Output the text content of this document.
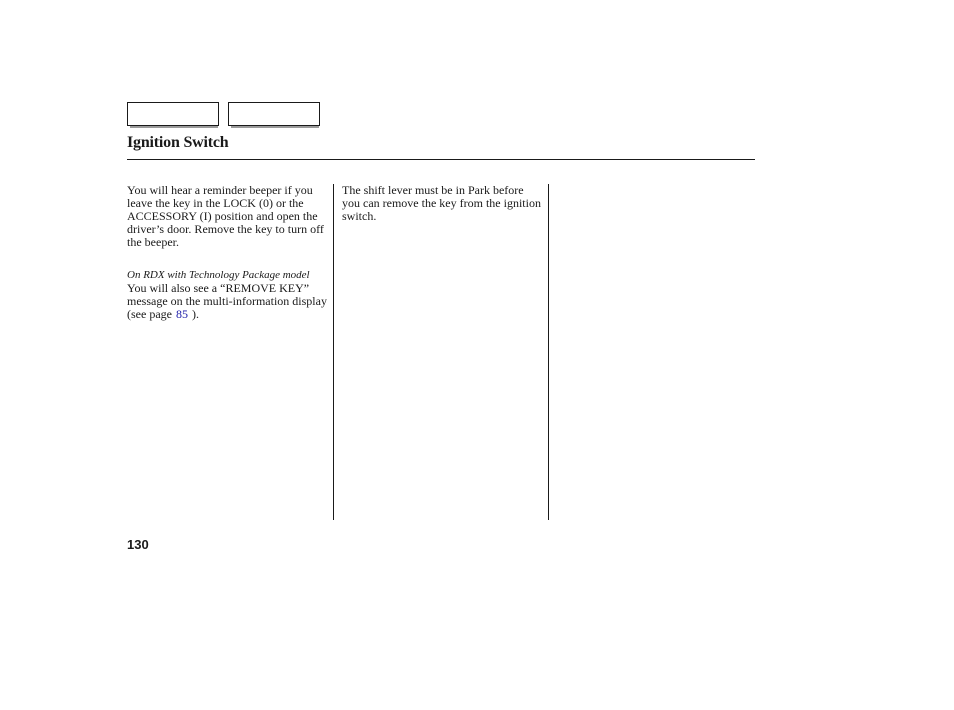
Ignition Switch

You will hear a reminder beeper if you leave the key in the LOCK (0) or the ACCESSORY (I) position and open the driver’s door. Remove the key to turn off the beeper.

On RDX with Technology Package model

You will also see a “REMOVE KEY” message on the multi-information display (see page 85 ).

The shift lever must be in Park before you can remove the key from the ignition switch.

130
